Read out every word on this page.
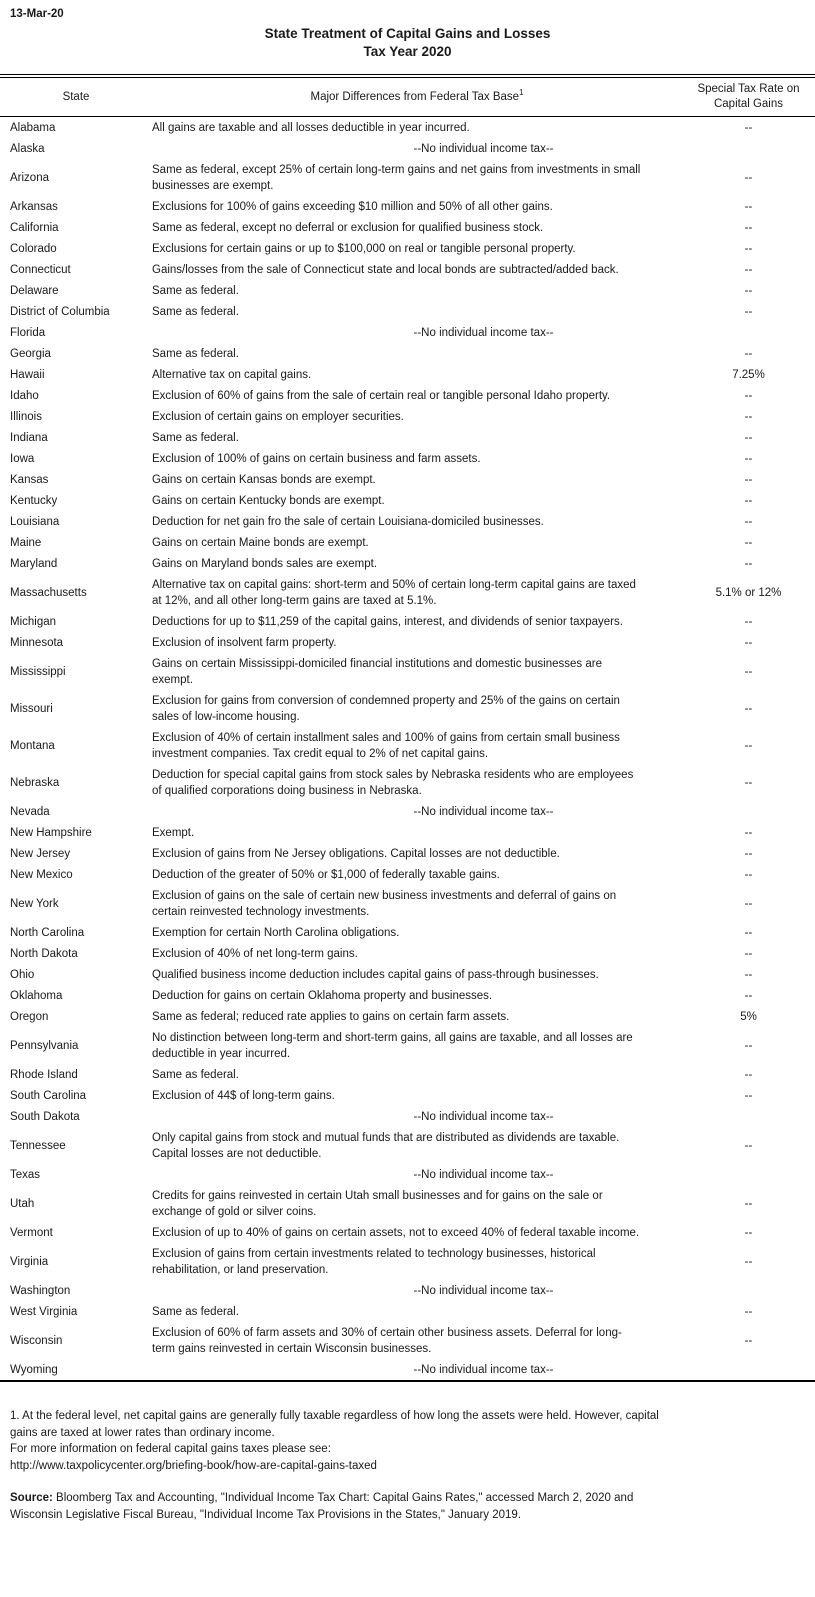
13-Mar-20
State Treatment of Capital Gains and Losses
Tax Year 2020
State	Major Differences from Federal Tax Base$^1$	Special Tax Rate on
Capital Gains

Alabama	All gains are taxable and all losses deductible in year incurred.	--
Alaska	--No individual income tax--	
Arizona	Same as federal, except 25% of certain long-term gains and net gains from investments in small businesses are exempt.	--
Arkansas	Exclusions for 100% of gains exceeding $10 million and 50% of all other gains.	--
California	Same as federal, except no deferral or exclusion for qualified business stock.	--
Colorado	Exclusions for certain gains or up to $100,000 on real or tangible personal property.	--
Connecticut	Gains/losses from the sale of Connecticut state and local bonds are subtracted/added back.	--
Delaware	Same as federal.	--
District of Columbia	Same as federal.	--
Florida	--No individual income tax--	
Georgia	Same as federal.	--
Hawaii	Alternative tax on capital gains.	7.25%
Idaho	Exclusion of 60% of gains from the sale of certain real or tangible personal Idaho property.	--
Illinois	Exclusion of certain gains on employer securities.	--
Indiana	Same as federal.	--
Iowa	Exclusion of 100% of gains on certain business and farm assets.	--
Kansas	Gains on certain Kansas bonds are exempt.	--
Kentucky	Gains on certain Kentucky bonds are exempt.	--
Louisiana	Deduction for net gain fro the sale of certain Louisiana-domiciled businesses.	--
Maine	Gains on certain Maine bonds are exempt.	--
Maryland	Gains on Maryland bonds sales are exempt.	--
Massachusetts	Alternative tax on capital gains: short-term and 50% of certain long-term capital gains are taxed at 12%, and all other long-term gains are taxed at 5.1%.	5.1% or 12%
Michigan	Deductions for up to $11,259 of the capital gains, interest, and dividends of senior taxpayers.	--
Minnesota	Exclusion of insolvent farm property.	--
Mississippi	Gains on certain Mississippi-domiciled financial institutions and domestic businesses are exempt.	--
Missouri	Exclusion for gains from conversion of condemned property and 25% of the gains on certain sales of low-income housing.	--
Montana	Exclusion of 40% of certain installment sales and 100% of gains from certain small business investment companies. Tax credit equal to 2% of net capital gains.	--
Nebraska	Deduction for special capital gains from stock sales by Nebraska residents who are employees of qualified corporations doing business in Nebraska.	--
Nevada	--No individual income tax--	
New Hampshire	Exempt.	--
New Jersey	Exclusion of gains from Ne Jersey obligations. Capital losses are not deductible.	--
New Mexico	Deduction of the greater of 50% or $1,000 of federally taxable gains.	--
New York	Exclusion of gains on the sale of certain new business investments and deferral of gains on certain reinvested technology investments.	--
North Carolina	Exemption for certain North Carolina obligations.	--
North Dakota	Exclusion of 40% of net long-term gains.	--
Ohio	Qualified business income deduction includes capital gains of pass-through businesses.	--
Oklahoma	Deduction for gains on certain Oklahoma property and businesses.	--
Oregon	Same as federal; reduced rate applies to gains on certain farm assets.	5%
Pennsylvania	No distinction between long-term and short-term gains, all gains are taxable, and all losses are deductible in year incurred.	--
Rhode Island	Same as federal.	--
South Carolina	Exclusion of 44$ of long-term gains.	--
South Dakota	--No individual income tax--	
Tennessee	Only capital gains from stock and mutual funds that are distributed as dividends are taxable. Capital losses are not deductible.	--
Texas	--No individual income tax--	
Utah	Credits for gains reinvested in certain Utah small businesses and for gains on the sale or exchange of gold or silver coins.	--
Vermont	Exclusion of up to 40% of gains on certain assets, not to exceed 40% of federal taxable income.	--
Virginia	Exclusion of gains from certain investments related to technology businesses, historical rehabilitation, or land preservation.	--
Washington	--No individual income tax--	
West Virginia	Same as federal.	--
Wisconsin	Exclusion of 60% of farm assets and 30% of certain other business assets. Deferral for long-term gains reinvested in certain Wisconsin businesses.	--
Wyoming	--No individual income tax--	
1. At the federal level, net capital gains are generally fully taxable regardless of how long the assets were held. However, capital gains are taxed at lower rates than ordinary income.
For more information on federal capital gains taxes please see:
http://www.taxpolicycenter.org/briefing-book/how-are-capital-gains-taxed
Source: Bloomberg Tax and Accounting, "Individual Income Tax Chart: Capital Gains Rates," accessed March 2, 2020 and Wisconsin Legislative Fiscal Bureau, "Individual Income Tax Provisions in the States," January 2019.
